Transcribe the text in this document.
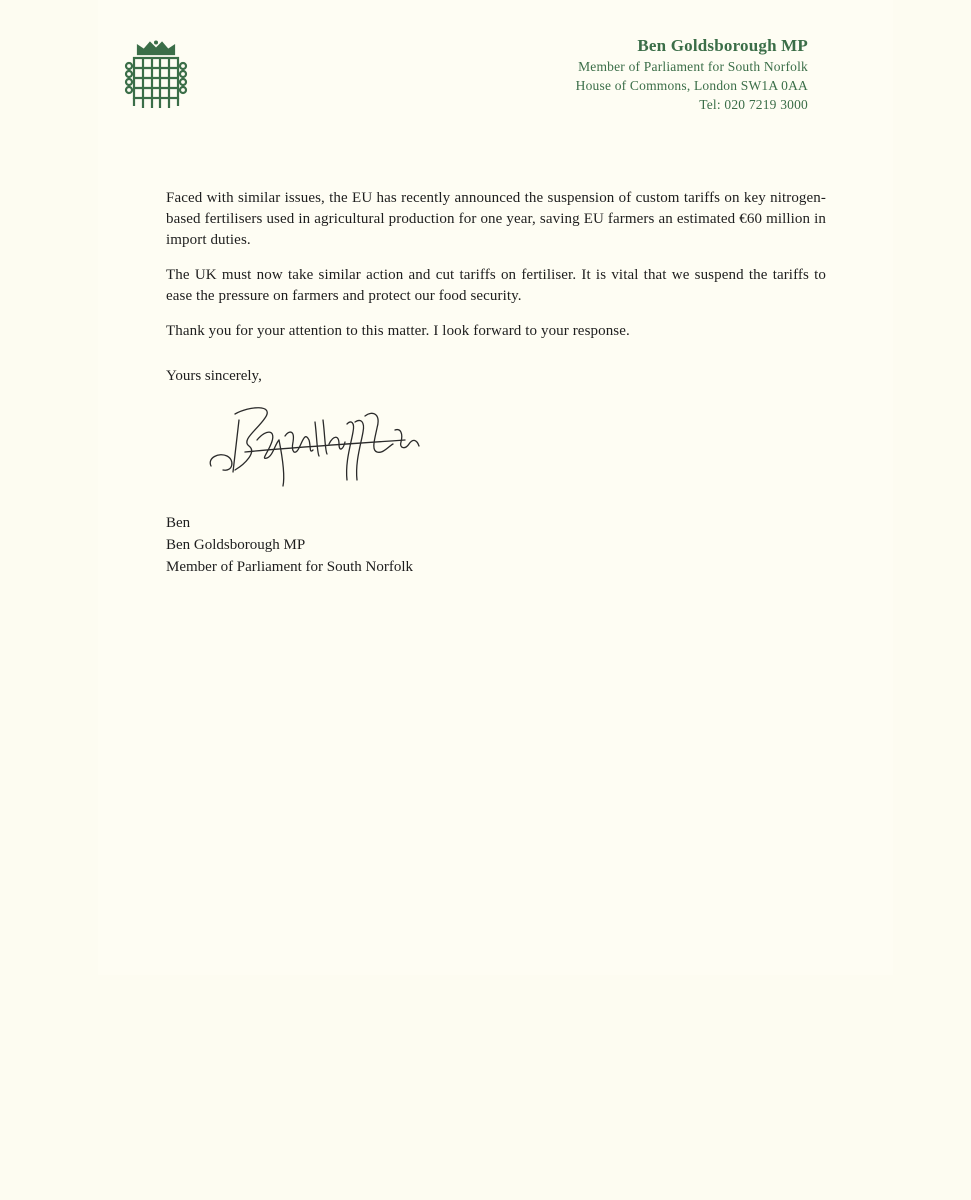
Ben Goldsborough MP
Member of Parliament for South Norfolk
House of Commons, London SW1A 0AA
Tel: 020 7219 3000

Faced with similar issues, the EU has recently announced the suspension of custom tariffs on key nitrogen-based fertilisers used in agricultural production for one year, saving EU farmers an estimated €60 million in import duties.

The UK must now take similar action and cut tariffs on fertiliser. It is vital that we suspend the tariffs to ease the pressure on farmers and protect our food security.

Thank you for your attention to this matter. I look forward to your response.

Yours sincerely,
Ben
Ben Goldsborough MP
Member of Parliament for South Norfolk
